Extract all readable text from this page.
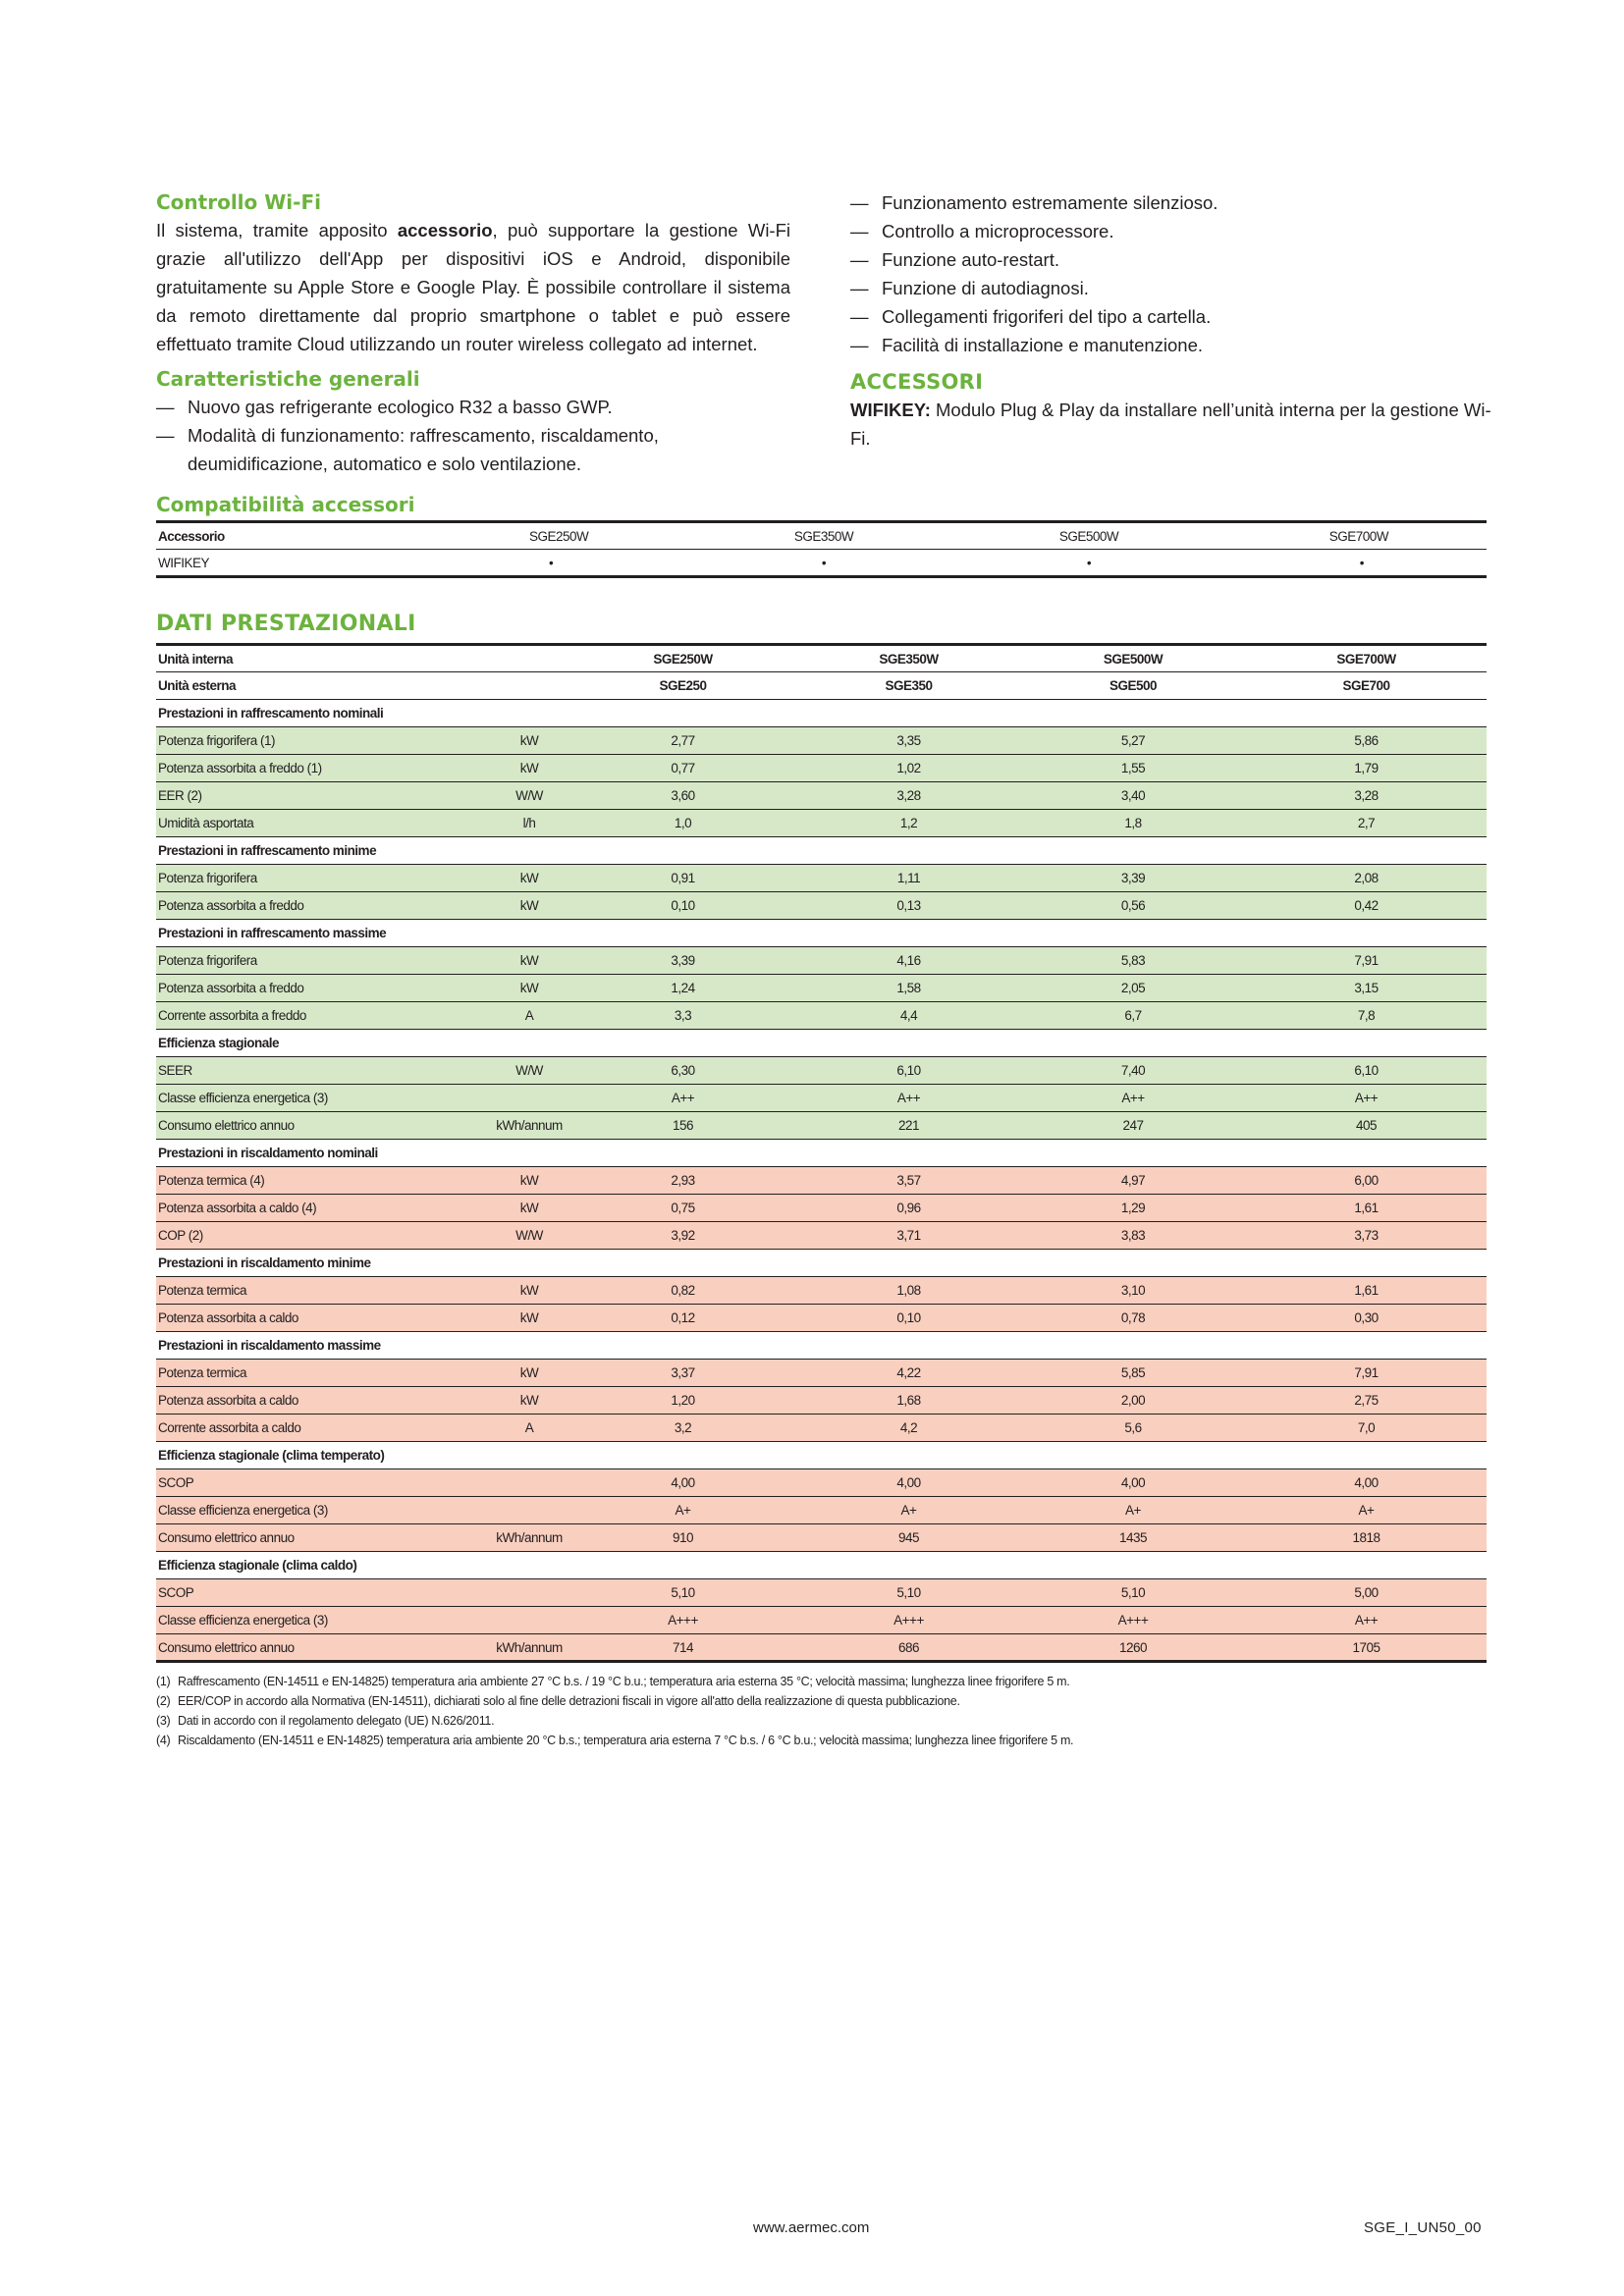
Controllo Wi-Fi

Il sistema, tramite apposito accessorio, può supportare la gestione Wi-Fi grazie all'utilizzo dell'App per dispositivi iOS e Android, disponibile gratuitamente su Apple Store e Google Play. È possibile controllare il sistema da remoto direttamente dal proprio smartphone o tablet e può essere effettuato tramite Cloud utilizzando un router wireless collegato ad internet.

Caratteristiche generali
— Nuovo gas refrigerante ecologico R32 a basso GWP.
— Modalità di funzionamento: raffrescamento, riscaldamento, deumidificazione, automatico e solo ventilazione.
— Funzionamento estremamente silenzioso.
— Controllo a microprocessore.
— Funzione auto-restart.
— Funzione di autodiagnosi.
— Collegamenti frigoriferi del tipo a cartella.
— Facilità di installazione e manutenzione.
ACCESSORI

WIFIKEY: Modulo Plug & Play da installare nell’unità interna per la gestione Wi-Fi.

Compatibilità accessori
Accessorio	SGE250W	SGE350W	SGE500W	SGE700W
WIFIKEY	•	•	•	•
DATI PRESTAZIONALI
Unità interna		SGE250W	SGE350W	SGE500W	SGE700W
Unità esterna		SGE250	SGE350	SGE500	SGE700
Prestazioni in raffrescamento nominali					
Potenza frigorifera (1)	kW	2,77	3,35	5,27	5,86
Potenza assorbita a freddo (1)	kW	0,77	1,02	1,55	1,79
EER (2)	W/W	3,60	3,28	3,40	3,28
Umidità asportata	l/h	1,0	1,2	1,8	2,7
Prestazioni in raffrescamento minime					
Potenza frigorifera	kW	0,91	1,11	3,39	2,08
Potenza assorbita a freddo	kW	0,10	0,13	0,56	0,42
Prestazioni in raffrescamento massime					
Potenza frigorifera	kW	3,39	4,16	5,83	7,91
Potenza assorbita a freddo	kW	1,24	1,58	2,05	3,15
Corrente assorbita a freddo	A	3,3	4,4	6,7	7,8
Efficienza stagionale					
SEER	W/W	6,30	6,10	7,40	6,10
Classe efficienza energetica (3)		A++	A++	A++	A++
Consumo elettrico annuo	kWh/annum	156	221	247	405
Prestazioni in riscaldamento nominali					
Potenza termica (4)	kW	2,93	3,57	4,97	6,00
Potenza assorbita a caldo (4)	kW	0,75	0,96	1,29	1,61
COP (2)	W/W	3,92	3,71	3,83	3,73
Prestazioni in riscaldamento minime					
Potenza termica	kW	0,82	1,08	3,10	1,61
Potenza assorbita a caldo	kW	0,12	0,10	0,78	0,30
Prestazioni in riscaldamento massime					
Potenza termica	kW	3,37	4,22	5,85	7,91
Potenza assorbita a caldo	kW	1,20	1,68	2,00	2,75
Corrente assorbita a caldo	A	3,2	4,2	5,6	7,0
Efficienza stagionale (clima temperato)					
SCOP		4,00	4,00	4,00	4,00
Classe efficienza energetica (3)		A+	A+	A+	A+
Consumo elettrico annuo	kWh/annum	910	945	1435	1818
Efficienza stagionale (clima caldo)					
SCOP		5,10	5,10	5,10	5,00
Classe efficienza energetica (3)		A+++	A+++	A+++	A++
Consumo elettrico annuo	kWh/annum	714	686	1260	1705
(1) Raffrescamento (EN-14511 e EN-14825) temperatura aria ambiente 27 °C b.s. / 19 °C b.u.; temperatura aria esterna 35 °C; velocità massima; lunghezza linee frigorifere 5 m.
(2) EER/COP in accordo alla Normativa (EN-14511), dichiarati solo al fine delle detrazioni fiscali in vigore all'atto della realizzazione di questa pubblicazione.
(3) Dati in accordo con il regolamento delegato (UE) N.626/2011.
(4) Riscaldamento (EN-14511 e EN-14825) temperatura aria ambiente 20 °C b.s.; temperatura aria esterna 7 °C b.s. / 6 °C b.u.; velocità massima; lunghezza linee frigorifere 5 m.
www.aermec.com	SGE_I_UN50_00
